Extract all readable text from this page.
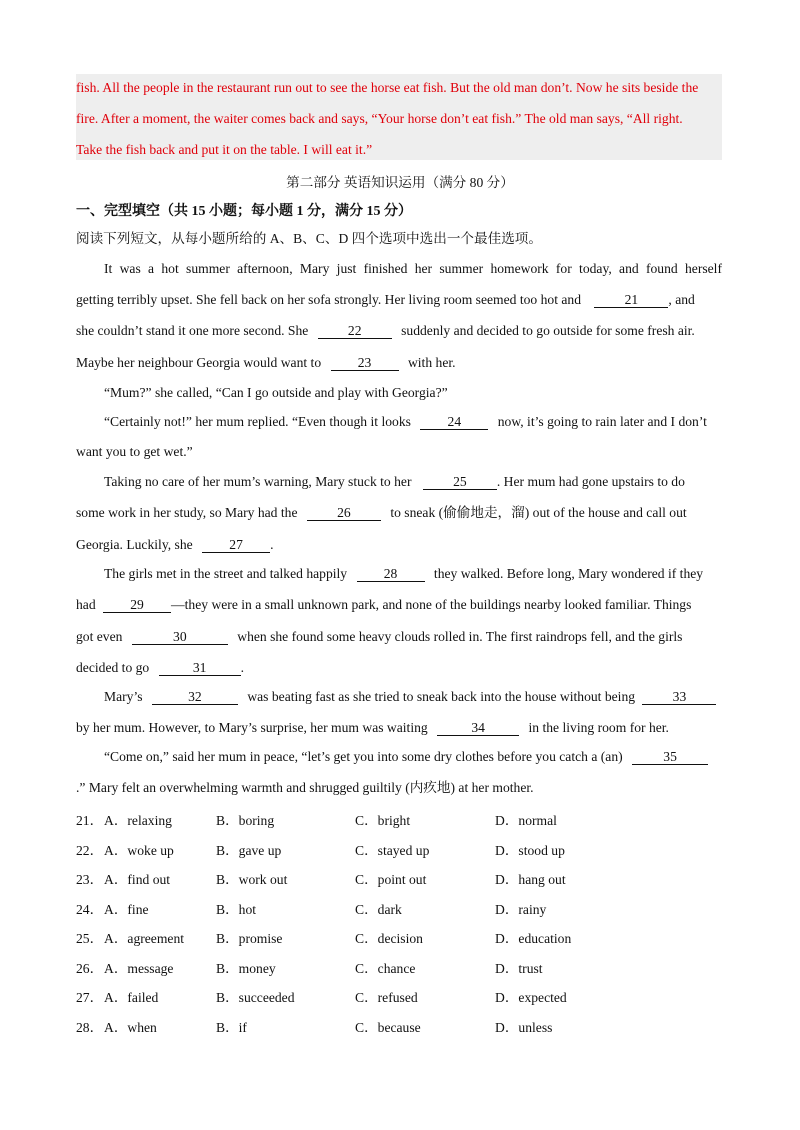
fish. All the people in the restaurant run out to see the horse eat fish. But the old man don’t. Now he sits beside the
fire. After a moment, the waiter comes back and says, “Your horse don’t eat fish.” The old man says, “All right.
Take the fish back and put it on the table. I will eat it.”
第二部分 英语知识运用（满分 80 分）
一、完型填空（共 15 小题；每小题 1 分，满分 15 分）
阅读下列短文，从每小题所给的 A、B、C、D 四个选项中选出一个最佳选项。
It was a hot summer afternoon, Mary just finished her summer homework for today, and found herself
getting terribly upset. She fell back on her sofa strongly. Her living room seemed too hot and	21 , and
she couldn’t stand it one more second. She	22	suddenly and decided to go outside for some fresh air.
Maybe her neighbour Georgia would want to	23	with her.
“Mum?” she called, “Can I go outside and play with Georgia?”
“Certainly not!” her mum replied. “Even though it looks	24	now, it’s going to rain later and I don’t
want you to get wet.”
Taking no care of her mum’s warning, Mary stuck to her	25 . Her mum had gone upstairs to do
some work in her study, so Mary had the	26	to sneak (偷偷地走，溜) out of the house and call out
Georgia. Luckily, she	27 .
The girls met in the street and talked happily	28	they walked. Before long, Mary wondered if they
had	29 —they were in a small unknown park, and none of the buildings nearby looked familiar. Things
got even	30	when she found some heavy clouds rolled in. The first raindrops fell, and the girls
decided to go	31	.
Mary’s	32	was beating fast as she tried to sneak back into the house without being	33
by her mum. However, to Mary’s surprise, her mum was waiting	34	in the living room for her.
“Come on,” said her mum in peace, “let’s get you into some dry clothes before you catch a (an)	35
.” Mary felt an overwhelming warmth and shrugged guiltily (内疚地) at her mother.
21． A．relaxing	B．boring	C．bright	D．normal
22． A．woke up	B．gave up	C．stayed up	D．stood up
23． A．find out	B．work out	C．point out	D．hang out
24． A．fine	B．hot	C．dark	D．rainy
25． A．agreement B．promise	C．decision	D．education
26． A．message	B．money	C．chance	D．trust
27． A．failed	B．succeeded	C．refused	D．expected
28． A．when	B．if	C．because	D．unless
